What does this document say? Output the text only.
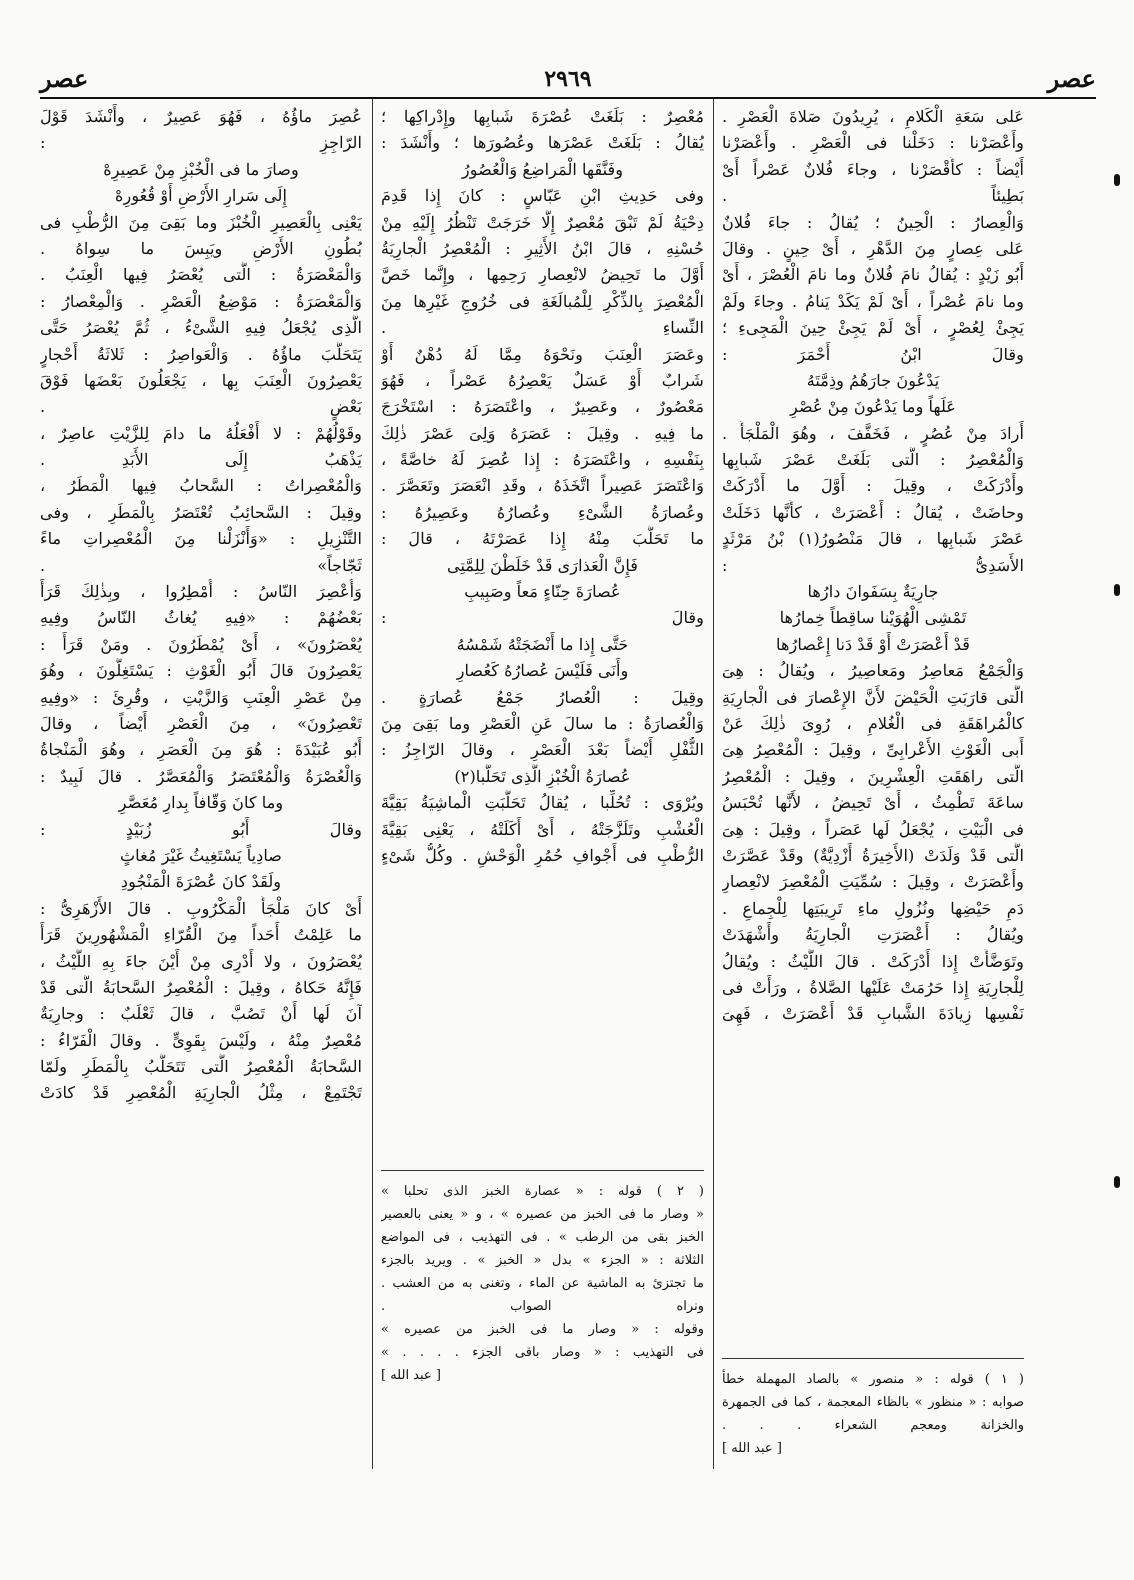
عصر
٢٩٦٩
عصر
عَلى سَعَةِ الْكَلامِ ، يُرِيدُونَ صَلاةَ الْعَصْرِ .
وأَعْصَرْنا : دَخَلْنا فى الْعَصْرِ . وأَعْصَرْنا
أَيْضاً : كأَقْصَرْنا ، وجاءَ فُلانٌ عَصْراً أَىْ
بَطِيئاً .
وَالْعِصارُ : الْحِينُ ؛ يُقالُ : جاءَ فُلانٌ
عَلى عِصارٍ مِنَ الدَّهْرِ ، أَىْ حِينٍ . وقالَ
أَبُو زَيْدٍ : يُقالُ نامَ فُلانٌ وما نامَ الْعُصْرَ ، أَىْ
وما نامَ عُصْراً ، أَىْ لَمْ يَكَدْ يَنامُ . وجاءَ ولَمْ
يَجِئْ لِعُصْرٍ ، أَىْ لَمْ يَجِئْ حِينَ الْمَجِىءِ ؛
وقالَ ابْنُ أَحْمَرَ :
يَدْعُونَ جارَهُمُ وذِمَّتَهُ
عَلَهاً وما يَدْعُونَ مِنْ عُصْرِ
أَرادَ مِنْ عُصُرٍ ، فَخَفَّفَ ، وهُوَ الْمَلْجَأُ .
وَالْمُعْصِرُ : الَّتى بَلَغَتْ عَصْرَ شَبابِها
وأَدْرَكَتْ ، وقِيلَ : أَوَّلَ ما أَدْرَكَتْ
وحاضَتْ ، يُقالُ : أَعْصَرَتْ ، كأَنَّها دَخَلَتْ
عَصْرَ شَبابِها ، قالَ مَنْصُورُ(١) بْنُ مَرْثَدٍ
الأَسَدِىُّ :
جارِيَةٌ بِسَفَوانَ دارُها
تَمْشِى الْهُوَيْنا ساقِطاً خِمارُها
قَدْ أَعْصَرَتْ أَوْ قَدْ دَنا إِعْصارُها
وَالْجَمْعُ مَعاصِرُ ومَعاصِيرُ ، ويُقالُ : هِىَ
الَّتى قارَبَتِ الْحَيْضَ لأَنَّ الإِعْصارَ فى الْجارِيَةِ
كالْمُراهَقَةِ فى الْغُلامِ ، رُوِىَ ذٰلِكَ عَنْ
أَبى الْغَوْثِ الأَعْرابِىِّ ، وقِيلَ : الْمُعْصِرُ هِىَ
الَّتى راهَقَتِ الْعِشْرِينَ ، وقِيلَ : الْمُعْصِرُ
ساعَةَ تَطْمِثُ ، أَىْ تَحِيضُ ، لأَنَّها تُحْبَسُ
فى الْبَيْتِ ، يُجْعَلُ لَها عَصَراً ، وقِيلَ : هِىَ
الَّتى قَدْ وَلَدَتْ (الأَخِيرَةُ أَزْدِيَّةٌ) وقَدْ عَصَّرَتْ
وأَعْصَرَتْ ، وقِيلَ : سُمِّيَتِ الْمُعْصِرَ لانْعِصارِ
دَمِ حَيْضِها ونُزُولِ ماءِ تَرِيبَتِها لِلْجِماعِ .
ويُقالُ : أَعْصَرَتِ الْجارِيَةُ وأَشْهَدَتْ
وتَوَضَّأَتْ إِذا أَدْرَكَتْ . قالَ اللَّيْثُ : ويُقالُ
لِلْجارِيَةِ إِذا حَرُمَتْ عَلَيْها الصَّلاةُ ، ورَأَتْ فى
نَفْسِها زِيادَةَ الشَّبابِ قَدْ أَعْصَرَتْ ، فَهِىَ
مُعْصِرٌ : بَلَغَتْ عُصْرَةَ شَبابِها وإِدْراكِها ؛
يُقالُ : بَلَغَتْ عَصْرَها وعُصُورَها ؛ وأَنْشَدَ :
وفَنَّقَها الْمَراضِعُ وَالْعُصُورُ
وفى حَدِيثِ ابْنِ عَبّاسٍ : كانَ إِذا قَدِمَ
دِحْيَةُ لَمْ تَبْقَ مُعْصِرٌ إِلَّا خَرَجَتْ تَنْظُرُ إِلَيْهِ مِنْ
حُسْنِهِ ، قالَ ابْنُ الأَثِيرِ : الْمُعْصِرُ الْجارِيَةُ
أَوَّلَ ما تَحِيضُ لانْعِصارِ رَحِمِها ، وإِنَّما خَصَّ
الْمُعْصِرَ بِالذِّكْرِ لِلْمُبالَغَةِ فى خُرُوجِ غَيْرِها مِنَ
النِّساءِ .
وعَصَرَ الْعِنَبَ ونَحْوَهُ مِمَّا لَهُ دُهْنٌ أَوْ
شَرابٌ أَوْ عَسَلٌ يَعْصِرُهُ عَصْراً ، فَهُوَ
مَعْصُورٌ ، وعَصِيرٌ ، واعْتَصَرَهُ : اسْتَخْرَجَ
ما فِيهِ . وقِيلَ : عَصَرَهُ وَلِىَ عَصْرَ ذٰلِكَ
بِنَفْسِهِ ، واعْتَصَرَهُ : إِذا عُصِرَ لَهُ خاصَّةً ،
وَاعْتَصَرَ عَصِيراً اتَّخَذَهُ ، وقَدِ انْعَصَرَ وتَعَصَّرَ .
وعُصارَةُ الشَّىْءِ وعُصارُهُ وعَصِيرُهُ :
ما تَحَلَّبَ مِنْهُ إِذا عَصَرْتَهُ ، قالَ :
فَإِنَّ الْعَذارَى قَدْ خَلَطْنَ لِلِمَّتِى
عُصارَةَ حِنّاءٍ مَعاً وصَبِيبِ
وقالَ :
حَتَّى إِذا ما أَنْضَجَتْهُ شَمْسُهُ
وأَنَى فَلَيْسَ عُصارُهُ كَعُصارِ
وقِيلَ : الْعُصارُ جَمْعُ عُصارَةٍ .
وَالْعُصارَةُ : ما سالَ عَنِ الْعَصْرِ وما بَقِىَ مِنَ
الثُّفْلِ أَيْضاً بَعْدَ الْعَصْرِ ، وقالَ الرّاجِزُ :
عُصارَةُ الْخُبْزِ الَّذِى تَحَلَّبا(٢)
ويُرْوَى : تُحُلِّبا ، يُقالُ تَحَلَّبَتِ الْماشِيَةُ بَقِيَّةَ
الْعُشْبِ وتَلَزَّجَتْهُ ، أَىْ أَكَلَتْهُ ، يَعْنِى بَقِيَّةَ
الرُّطْبِ فى أَجْوافِ حُمُرِ الْوَحْشِ . وكُلُّ شَىْءٍ
عُصِرَ ماؤُهُ ، فَهُوَ عَصِيرٌ ، وأَنْشَدَ قَوْلَ
الرّاجِزِ :
وصارَ ما فى الْخُبْزِ مِنْ عَصِيرِهْ
إِلَى سَرارِ الأَرْضِ أَوْ قُعُورِهْ
يَعْنِى بِالْعَصِيرِ الْخُبْزَ وما بَقِىَ مِنَ الرُّطْبِ فى
بُطُونِ الأَرْضِ ويَبِسَ ما سِواهُ .
وَالْمَعْصَرَةُ : الَّتى يُعْصَرُ فِيها الْعِنَبُ .
وَالْمَعْصَرَةُ : مَوْضِعُ الْعَصْرِ . وَالْمِعْصارُ :
الَّذِى يُجْعَلُ فِيهِ الشَّىْءُ ، ثُمَّ يُعْصَرُ حَتَّى
يَتَحَلَّبَ ماؤُهُ . وَالْعَواصِرُ : ثَلاثَةُ أَحْجارٍ
يَعْصِرُونَ الْعِنَبَ بِها ، يَجْعَلُونَ بَعْضَها فَوْقَ
بَعْضٍ .
وقَوْلُهُمْ : لا أَفْعَلُهُ ما دامَ لِلزَّيْتِ عاصِرٌ ،
يَذْهَبُ إِلَى الأَبَدِ .
وَالْمُعْصِراتُ : السَّحابُ فِيها الْمَطَرُ ،
وقِيلَ : السَّحائِبُ تُعْتَصَرُ بِالْمَطَرِ ، وفى
التَّنْزِيلِ : «وَأَنْزَلْنا مِنَ الْمُعْصِراتِ ماءً
ثَجّاجاً» .
وَأُعْصِرَ النّاسُ : أُمْطِرُوا ، وبِذٰلِكَ قَرَأَ
بَعْضُهُمْ : «فِيهِ يُغاثُ النّاسُ وفِيهِ
يُعْصَرُونَ» ، أَىْ يُمْطَرُونَ . ومَنْ قَرَأَ :
يَعْصِرُونَ قالَ أَبُو الْغَوْثِ : يَسْتَغِلُّونَ ، وهُوَ
مِنْ عَصْرِ الْعِنَبِ وَالزَّيْتِ ، وقُرِئَ : «وفِيهِ
تَعْصِرُونَ» ، مِنَ الْعَصْرِ أَيْضاً ، وقالَ
أَبُو عُبَيْدَةَ : هُوَ مِنَ الْعَصَرِ ، وهُوَ الْمَنْجاةُ
وَالْعُصْرَةُ وَالْمُعْتَصَرُ وَالْمُعَصَّرُ . قالَ لَبِيدٌ :
وما كانَ وَقّافاً بِدارِ مُعَصَّرِ
وقالَ أَبُو زُبَيْدٍ :
صادِياً يَسْتَغِيثُ غَيْرَ مُغاثٍ
ولَقَدْ كانَ عُصْرَةَ الْمَنْجُودِ
أَىْ كانَ مَلْجَأَ الْمَكْرُوبِ . قالَ الأَزْهَرِىُّ :
ما عَلِمْتُ أَحَداً مِنَ الْقُرّاءِ الْمَشْهُورِينَ قَرَأَ
يُعْصَرُونَ ، ولا أَدْرِى مِنْ أَيْنَ جاءَ بِهِ اللَّيْثُ ،
فَإِنَّهُ حَكاهُ ، وقِيلَ : الْمُعْصِرُ السَّحابَةُ الَّتى قَدْ
آنَ لَها أَنْ تَصُبَّ ، قالَ ثَعْلَبٌ : وجارِيَةٌ
مُعْصِرٌ مِنْهُ ، ولَيْسَ بِقَوِىٍّ . وقالَ الْفَرّاءُ :
السَّحابَةُ الْمُعْصِرُ الَّتى تَتَحَلَّبُ بِالْمَطَرِ ولَمّا
تَجْتَمِعْ ، مِثْلُ الْجارِيَةِ الْمُعْصِرِ قَدْ كادَتْ
( ١ ) قوله : « منصور » بالصاد المهملة خطأ
صوابه : « منظور » بالظاء المعجمة ، كما فى الجمهرة
والخزانة ومعجم الشعراء . . .
[ عبد الله ]
( ٢ ) قوله : « عصارة الخبز الذى تحلبا »
« وصار ما فى الخبز من عصيره » ، و « يعنى بالعصير
الخبز بقى من الرطب » . فى التهذيب ، فى المواضع
الثلاثة : « الجزء » بدل « الخبز » . ويريد بالجزء
ما تجتزئ به الماشية عن الماء ، وتغنى به من العشب .
ونراه الصواب .
وقوله : « وصار ما فى الخبز من عصيره »
فى التهذيب : « وصار باقى الجزء . . . . »
[ عبد الله ]
